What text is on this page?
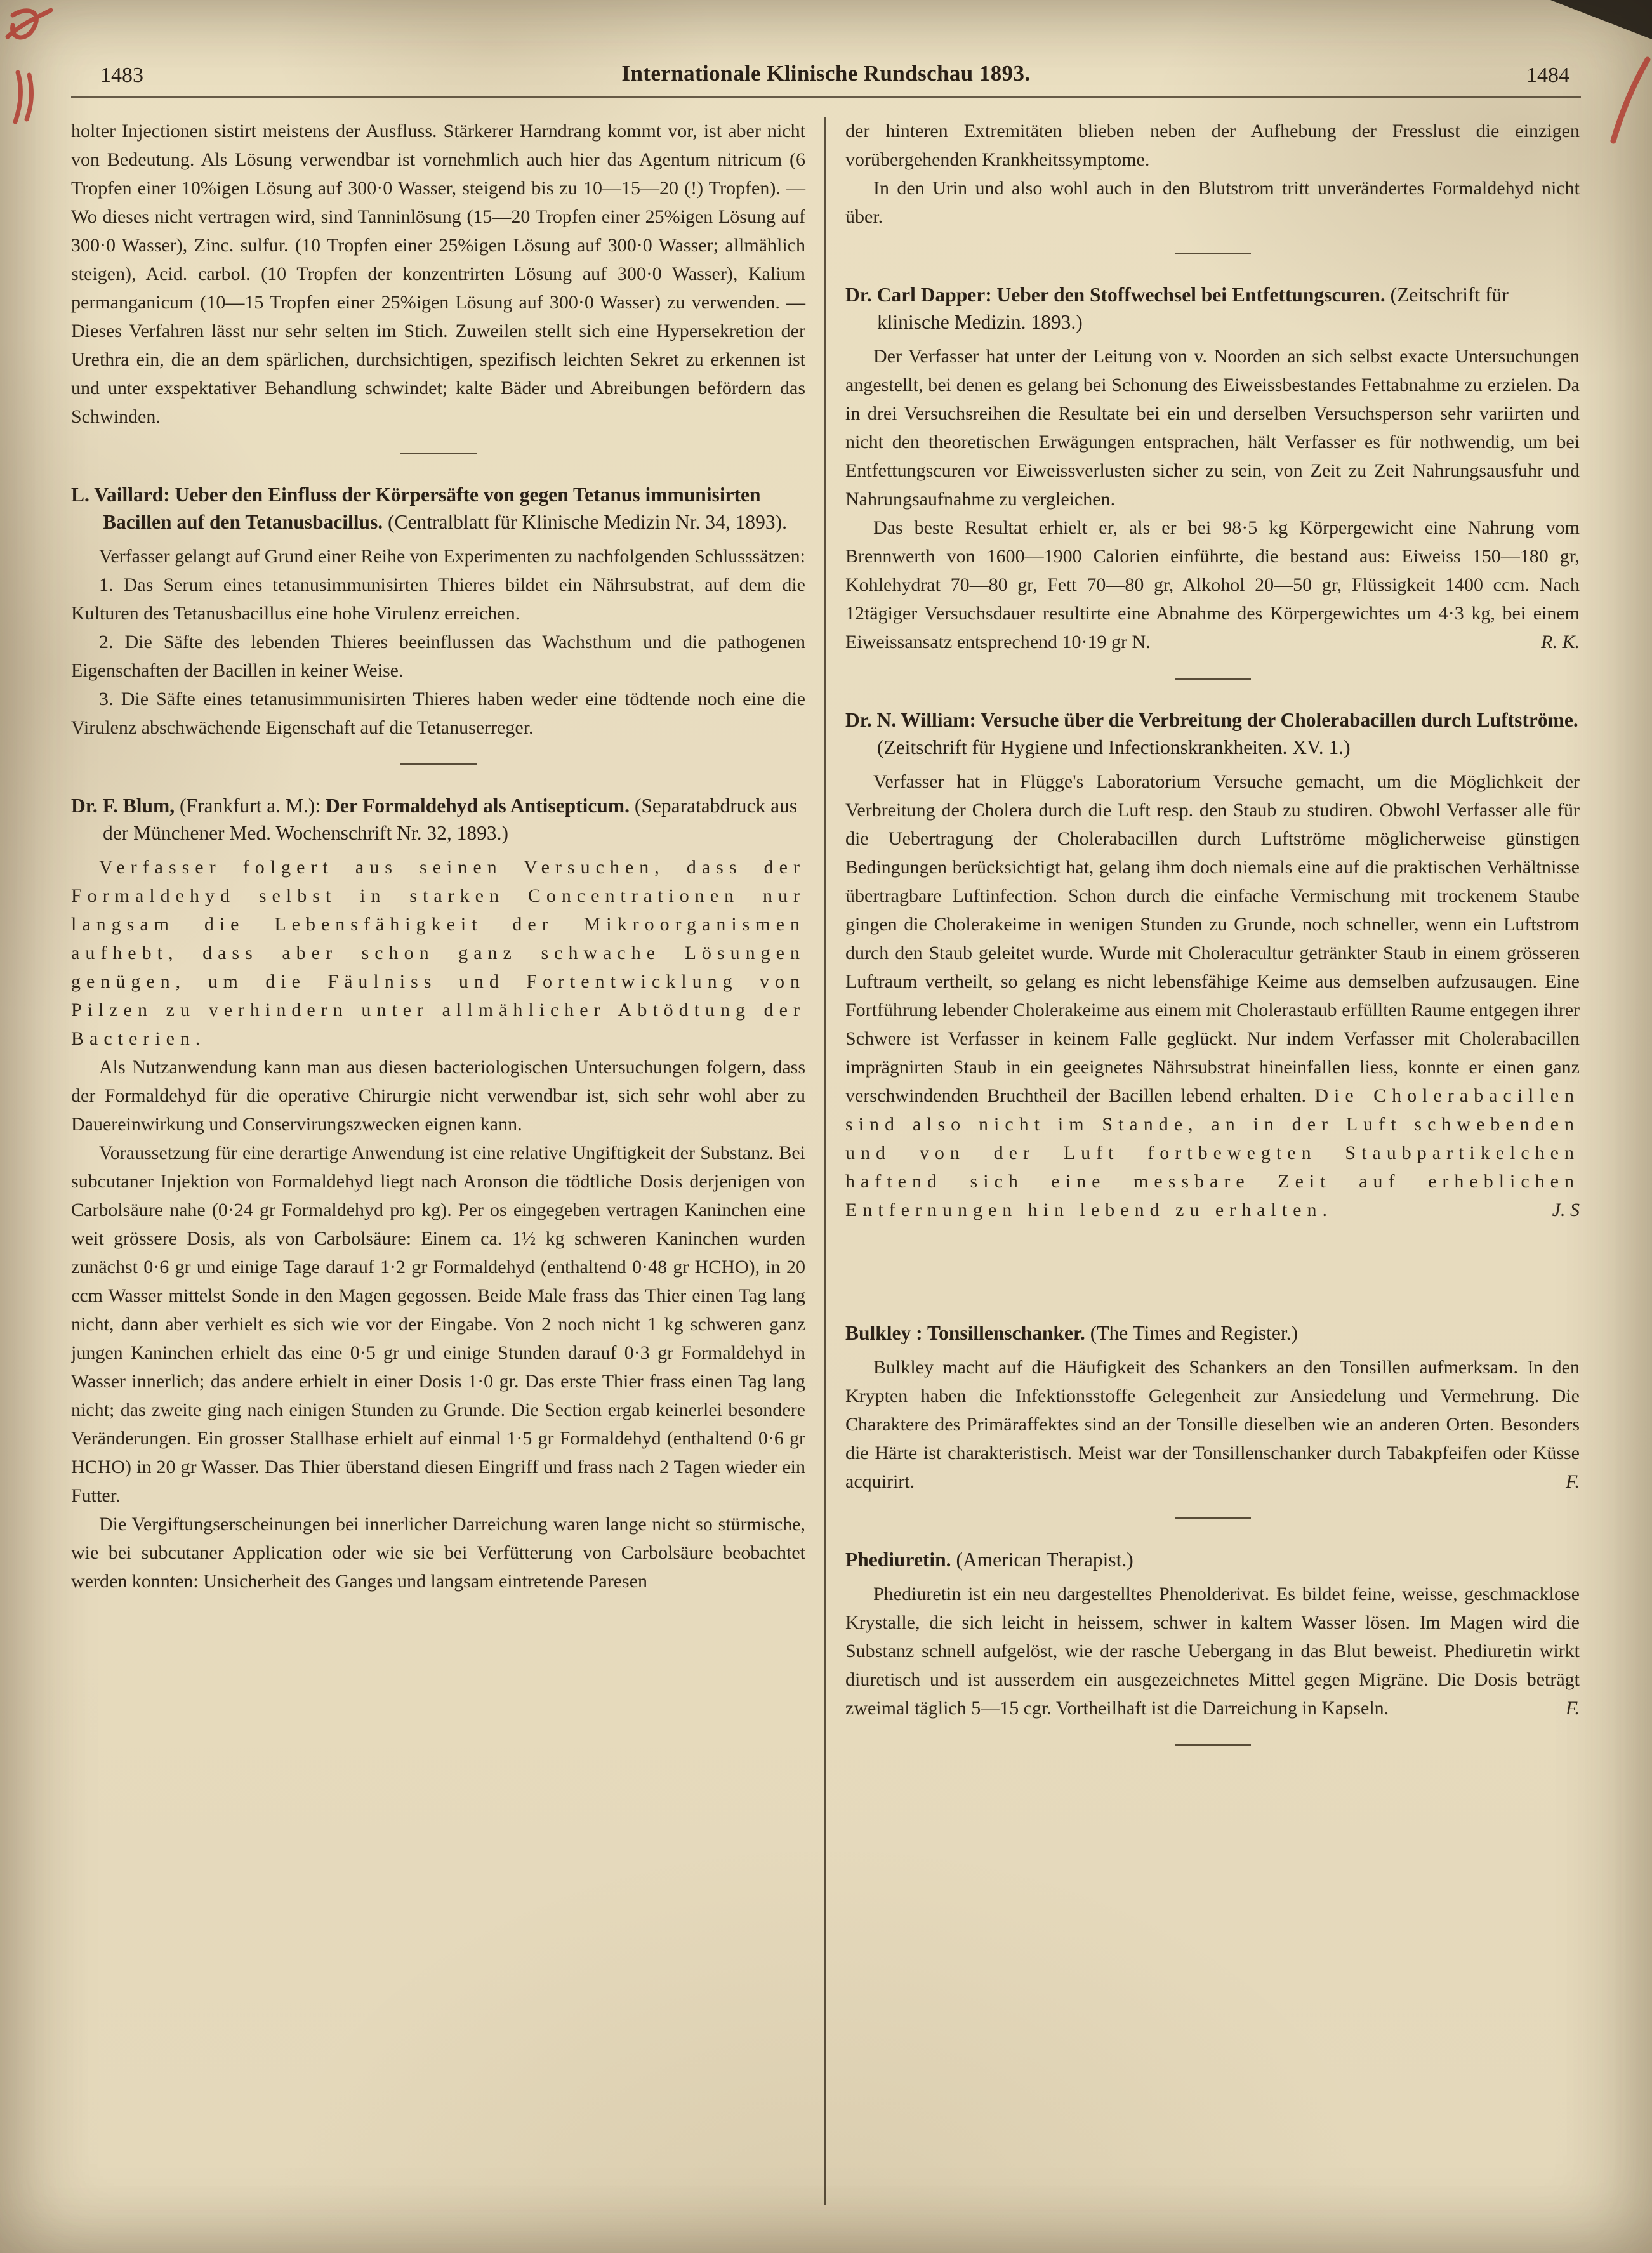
1483	Internationale Klinische Rundschau 1893.	1484

holter Injectionen sistirt meistens der Ausfluss. Stärkerer Harndrang kommt vor, ist aber nicht von Bedeutung. Als Lösung verwendbar ist vornehmlich auch hier das Agentum nitricum (6 Tropfen einer 10%igen Lösung auf 300·0 Wasser, steigend bis zu 10—15—20 (!) Tropfen). — Wo dieses nicht vertragen wird, sind Tanninlösung (15—20 Tropfen einer 25%igen Lösung auf 300·0 Wasser), Zinc. sulfur. (10 Tropfen einer 25%igen Lösung auf 300·0 Wasser; allmählich steigen), Acid. carbol. (10 Tropfen der konzentrirten Lösung auf 300·0 Wasser), Kalium permanganicum (10—15 Tropfen einer 25%igen Lösung auf 300·0 Wasser) zu verwenden. — Dieses Verfahren lässt nur sehr selten im Stich. Zuweilen stellt sich eine Hypersekretion der Urethra ein, die an dem spärlichen, durchsichtigen, spezifisch leichten Sekret zu erkennen ist und unter exspektativer Behandlung schwindet; kalte Bäder und Abreibungen befördern das Schwinden.

L. Vaillard: Ueber den Einfluss der Körpersäfte von gegen Tetanus immunisirten Bacillen auf den Tetanusbacillus. (Centralblatt für Klinische Medizin Nr. 34, 1893).

Verfasser gelangt auf Grund einer Reihe von Experimenten zu nachfolgenden Schlusssätzen:

1. Das Serum eines tetanusimmunisirten Thieres bildet ein Nährsubstrat, auf dem die Kulturen des Tetanusbacillus eine hohe Virulenz erreichen.

2. Die Säfte des lebenden Thieres beeinflussen das Wachsthum und die pathogenen Eigenschaften der Bacillen in keiner Weise.

3. Die Säfte eines tetanusimmunisirten Thieres haben weder eine tödtende noch eine die Virulenz abschwächende Eigenschaft auf die Tetanuserreger.

Dr. F. Blum, (Frankfurt a. M.): Der Formaldehyd als Antisepticum. (Separatabdruck aus der Münchener Med. Wochenschrift Nr. 32, 1893.)

Verfasser folgert aus seinen Versuchen, dass der Formaldehyd selbst in starken Concentrationen nur langsam die Lebensfähigkeit der Mikroorganismen aufhebt, dass aber schon ganz schwache Lösungen genügen, um die Fäulniss und Fortentwicklung von Pilzen zu verhindern unter allmählicher Abtödtung der Bacterien.

Als Nutzanwendung kann man aus diesen bacteriologischen Untersuchungen folgern, dass der Formaldehyd für die operative Chirurgie nicht verwendbar ist, sich sehr wohl aber zu Dauereinwirkung und Conservirungszwecken eignen kann.

Voraussetzung für eine derartige Anwendung ist eine relative Ungiftigkeit der Substanz. Bei subcutaner Injektion von Formaldehyd liegt nach Aronson die tödtliche Dosis derjenigen von Carbolsäure nahe (0·24 gr Formaldehyd pro kg). Per os eingegeben vertragen Kaninchen eine weit grössere Dosis, als von Carbolsäure: Einem ca. 1½ kg schweren Kaninchen wurden zunächst 0·6 gr und einige Tage darauf 1·2 gr Formaldehyd (enthaltend 0·48 gr HCHO), in 20 ccm Wasser mittelst Sonde in den Magen gegossen. Beide Male frass das Thier einen Tag lang nicht, dann aber verhielt es sich wie vor der Eingabe. Von 2 noch nicht 1 kg schweren ganz jungen Kaninchen erhielt das eine 0·5 gr und einige Stunden darauf 0·3 gr Formaldehyd in Wasser innerlich; das andere erhielt in einer Dosis 1·0 gr. Das erste Thier frass einen Tag lang nicht; das zweite ging nach einigen Stunden zu Grunde. Die Section ergab keinerlei besondere Veränderungen. Ein grosser Stallhase erhielt auf einmal 1·5 gr Formaldehyd (enthaltend 0·6 gr HCHO) in 20 gr Wasser. Das Thier überstand diesen Eingriff und frass nach 2 Tagen wieder ein Futter.

Die Vergiftungserscheinungen bei innerlicher Darreichung waren lange nicht so stürmische, wie bei subcutaner Application oder wie sie bei Verfütterung von Carbolsäure beobachtet werden konnten: Unsicherheit des Ganges und langsam eintretende Paresen

der hinteren Extremitäten blieben neben der Aufhebung der Fresslust die einzigen vorübergehenden Krankheitssymptome.

In den Urin und also wohl auch in den Blutstrom tritt unverändertes Formaldehyd nicht über.

Dr. Carl Dapper: Ueber den Stoffwechsel bei Entfettungscuren. (Zeitschrift für klinische Medizin. 1893.)

Der Verfasser hat unter der Leitung von v. Noorden an sich selbst exacte Untersuchungen angestellt, bei denen es gelang bei Schonung des Eiweissbestandes Fettabnahme zu erzielen. Da in drei Versuchsreihen die Resultate bei ein und derselben Versuchsperson sehr variirten und nicht den theoretischen Erwägungen entsprachen, hält Verfasser es für nothwendig, um bei Entfettungscuren vor Eiweissverlusten sicher zu sein, von Zeit zu Zeit Nahrungsausfuhr und Nahrungsaufnahme zu vergleichen.

Das beste Resultat erhielt er, als er bei 98·5 kg Körpergewicht eine Nahrung vom Brennwerth von 1600—1900 Calorien einführte, die bestand aus: Eiweiss 150—180 gr, Kohlehydrat 70—80 gr, Fett 70—80 gr, Alkohol 20—50 gr, Flüssigkeit 1400 ccm. Nach 12tägiger Versuchsdauer resultirte eine Abnahme des Körpergewichtes um 4·3 kg, bei einem Eiweissansatz entsprechend 10·19 gr N.	R. K.

Dr. N. William: Versuche über die Verbreitung der Cholerabacillen durch Luftströme. (Zeitschrift für Hygiene und Infectionskrankheiten. XV. 1.)

Verfasser hat in Flügge's Laboratorium Versuche gemacht, um die Möglichkeit der Verbreitung der Cholera durch die Luft resp. den Staub zu studiren. Obwohl Verfasser alle für die Uebertragung der Cholerabacillen durch Luftströme möglicherweise günstigen Bedingungen berücksichtigt hat, gelang ihm doch niemals eine auf die praktischen Verhältnisse übertragbare Luftinfection. Schon durch die einfache Vermischung mit trockenem Staube gingen die Cholerakeime in wenigen Stunden zu Grunde, noch schneller, wenn ein Luftstrom durch den Staub geleitet wurde. Wurde mit Choleracultur getränkter Staub in einem grösseren Luftraum vertheilt, so gelang es nicht lebensfähige Keime aus demselben aufzusaugen. Eine Fortführung lebender Cholerakeime aus einem mit Cholerastaub erfüllten Raume entgegen ihrer Schwere ist Verfasser in keinem Falle geglückt. Nur indem Verfasser mit Cholerabacillen imprägnirten Staub in ein geeignetes Nährsubstrat hineinfallen liess, konnte er einen ganz verschwindenden Bruchtheil der Bacillen lebend erhalten. Die Cholerabacillen sind also nicht im Stande, an in der Luft schwebenden und von der Luft fortbewegten Staubpartikelchen haftend sich eine messbare Zeit auf erheblichen Entfernungen hin lebend zu erhalten.	J. S

Bulkley : Tonsillenschanker. (The Times and Register.)

Bulkley macht auf die Häufigkeit des Schankers an den Tonsillen aufmerksam. In den Krypten haben die Infektionsstoffe Gelegenheit zur Ansiedelung und Vermehrung. Die Charaktere des Primäraffektes sind an der Tonsille dieselben wie an anderen Orten. Besonders die Härte ist charakteristisch. Meist war der Tonsillenschanker durch Tabakpfeifen oder Küsse acquirirt.	F.

Phediuretin. (American Therapist.)

Phediuretin ist ein neu dargestelltes Phenolderivat. Es bildet feine, weisse, geschmacklose Krystalle, die sich leicht in heissem, schwer in kaltem Wasser lösen. Im Magen wird die Substanz schnell aufgelöst, wie der rasche Uebergang in das Blut beweist. Phediuretin wirkt diuretisch und ist ausserdem ein ausgezeichnetes Mittel gegen Migräne. Die Dosis beträgt zweimal täglich 5—15 cgr. Vortheilhaft ist die Darreichung in Kapseln.	F.
